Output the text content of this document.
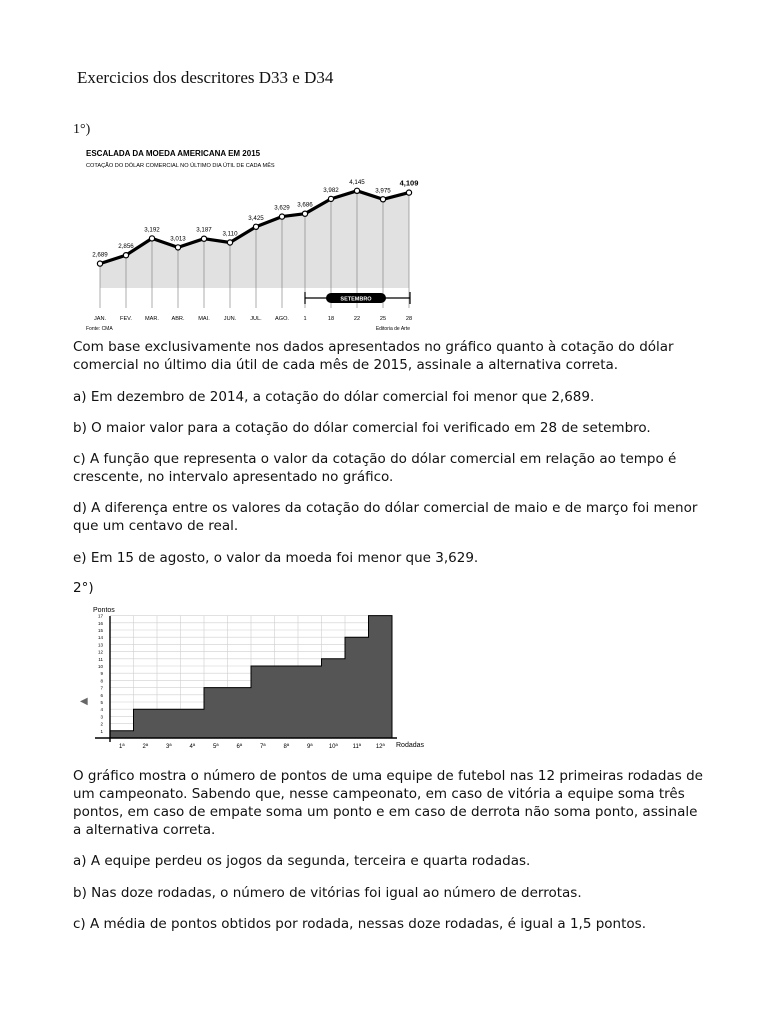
Exercicios dos descritores D33 e D34
1°)
ESCALADA DA MOEDA AMERICANA EM 2015
COTAÇÃO DO DÓLAR COMERCIAL NO ÚLTIMO DIA ÚTIL DE CADA MÊS
2,689
2,856
3,192
3,013
3,187
3,110
3,425
3,629 3,686
3,982
4,145
3,975
4,109
JAN. FEV. MAR. ABR. MAI.	JUN.	JUL. AGO.	1	18	22	25	28
SETEMBRO
Fonte: CMA	Editoria de Arte
Com base exclusivamente nos dados apresentados no gráfico quanto à cotação do dólar comercial no último dia útil de cada mês de 2015, assinale a alternativa correta.
a) Em dezembro de 2014, a cotação do dólar comercial foi menor que 2,689.
b) O maior valor para a cotação do dólar comercial foi verificado em 28 de setembro.
c) A função que representa o valor da cotação do dólar comercial em relação ao tempo é crescente, no intervalo apresentado no gráfico.
d) A diferença entre os valores da cotação do dólar comercial de maio e de março foi menor que um centavo de real.
e) Em 15 de agosto, o valor da moeda foi menor que 3,629.
2°)
◀
Pontos
1
2
3
4
5
6
7
8
9
10
11
12
13
14
15
16
17
1ª	2ª	3ª	4ª	5ª	6ª	7ª	8ª	9ª	10ª 11ª 12ª Rodadas
O gráfico mostra o número de pontos de uma equipe de futebol nas 12 primeiras rodadas de um campeonato. Sabendo que, nesse campeonato, em caso de vitória a equipe soma três pontos, em caso de empate soma um ponto e em caso de derrota não soma ponto, assinale a alternativa correta.
a) A equipe perdeu os jogos da segunda, terceira e quarta rodadas.
b) Nas doze rodadas, o número de vitórias foi igual ao número de derrotas.
c) A média de pontos obtidos por rodada, nessas doze rodadas, é igual a 1,5 pontos.
